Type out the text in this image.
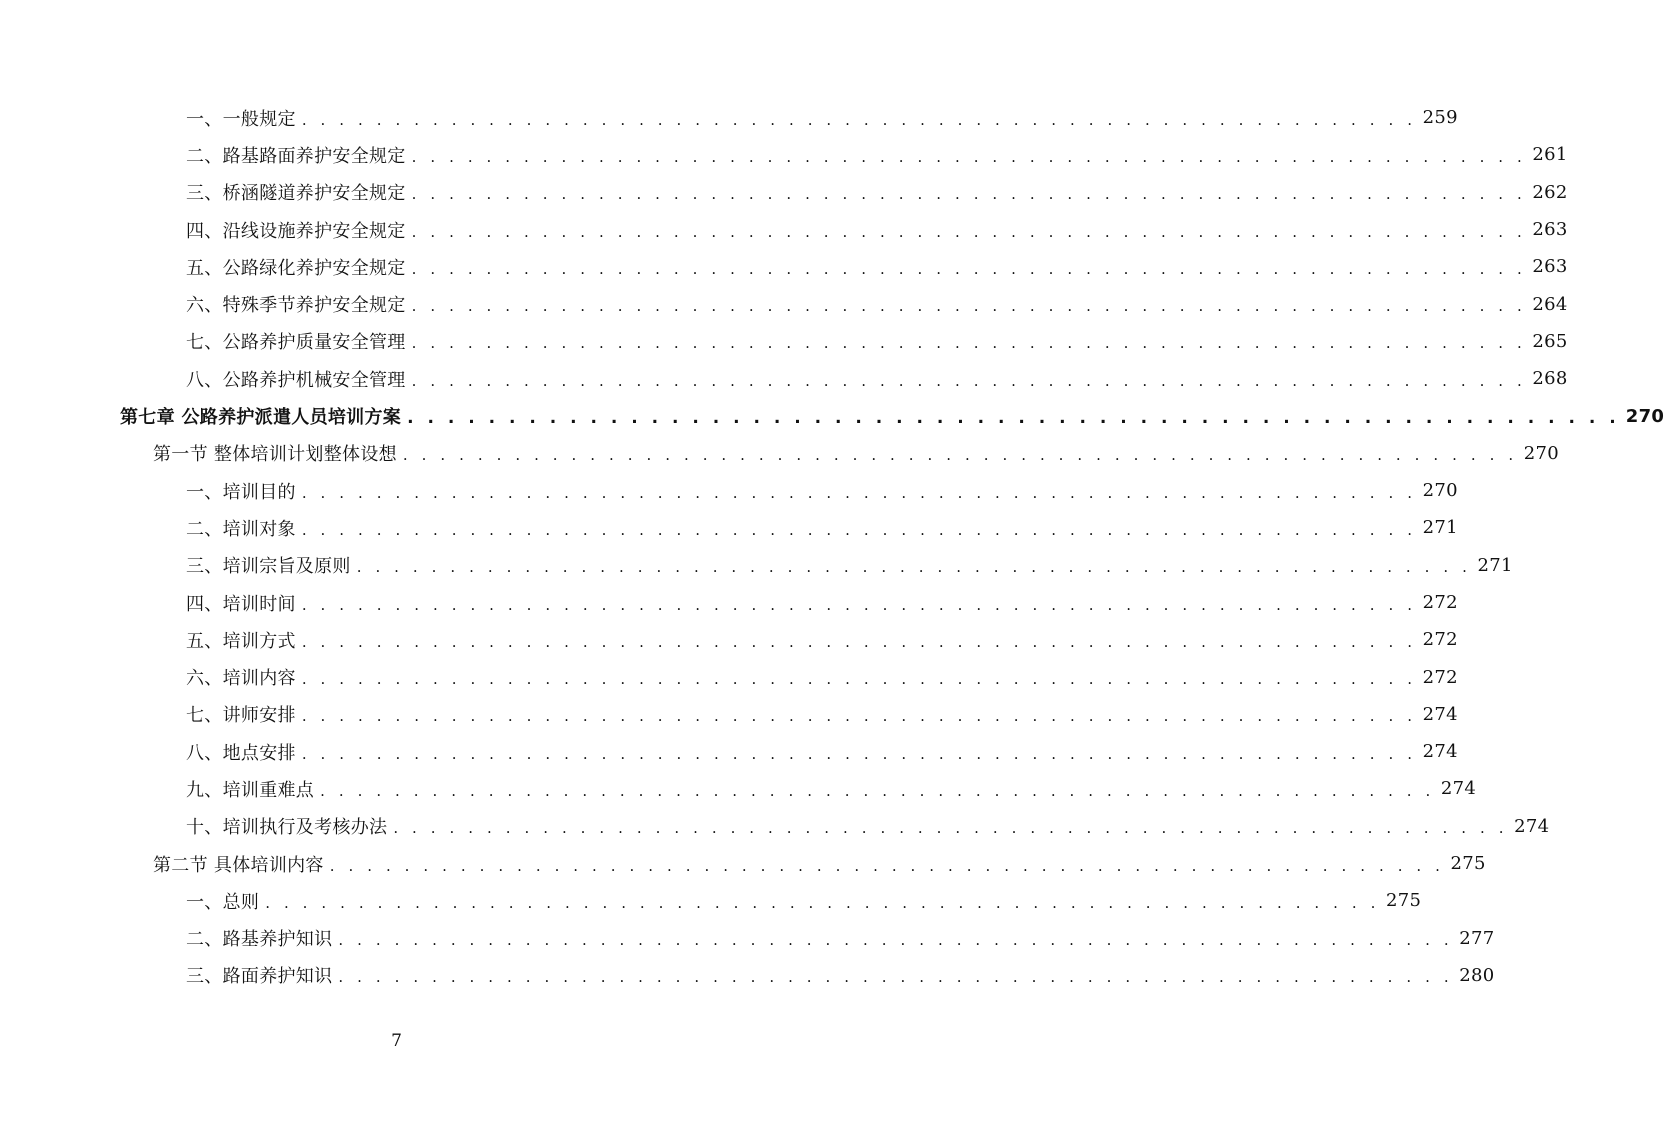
一、一般规定 . . . . . . . . . . . . . . . . . . . . . . . . . . . . . . . . . . . . . . . . . . . . . . . . . . . . . . . . . . . . 259
二、路基路面养护安全规定 . . . . . . . . . . . . . . . . . . . . . . . . . . . . . . . . . . . . . . . . . . . . . . . . . . . . . . . . . . . . 261
三、桥涵隧道养护安全规定 . . . . . . . . . . . . . . . . . . . . . . . . . . . . . . . . . . . . . . . . . . . . . . . . . . . . . . . . . . . . 262
四、沿线设施养护安全规定 . . . . . . . . . . . . . . . . . . . . . . . . . . . . . . . . . . . . . . . . . . . . . . . . . . . . . . . . . . . . 263
五、公路绿化养护安全规定 . . . . . . . . . . . . . . . . . . . . . . . . . . . . . . . . . . . . . . . . . . . . . . . . . . . . . . . . . . . . 263
六、特殊季节养护安全规定 . . . . . . . . . . . . . . . . . . . . . . . . . . . . . . . . . . . . . . . . . . . . . . . . . . . . . . . . . . . . 264
七、公路养护质量安全管理 . . . . . . . . . . . . . . . . . . . . . . . . . . . . . . . . . . . . . . . . . . . . . . . . . . . . . . . . . . . . 265
八、公路养护机械安全管理 . . . . . . . . . . . . . . . . . . . . . . . . . . . . . . . . . . . . . . . . . . . . . . . . . . . . . . . . . . . . 268
第七章 公路养护派遣人员培训方案 . . . . . . . . . . . . . . . . . . . . . . . . . . . . . . . . . . . . . . . . . . . . . . . . . . . . . . . . . . . . 270
第一节 整体培训计划整体设想 . . . . . . . . . . . . . . . . . . . . . . . . . . . . . . . . . . . . . . . . . . . . . . . . . . . . . . . . . . . . 270
一、培训目的 . . . . . . . . . . . . . . . . . . . . . . . . . . . . . . . . . . . . . . . . . . . . . . . . . . . . . . . . . . . . 270
二、培训对象 . . . . . . . . . . . . . . . . . . . . . . . . . . . . . . . . . . . . . . . . . . . . . . . . . . . . . . . . . . . . 271
三、培训宗旨及原则 . . . . . . . . . . . . . . . . . . . . . . . . . . . . . . . . . . . . . . . . . . . . . . . . . . . . . . . . . . . . 271
四、培训时间 . . . . . . . . . . . . . . . . . . . . . . . . . . . . . . . . . . . . . . . . . . . . . . . . . . . . . . . . . . . . 272
五、培训方式 . . . . . . . . . . . . . . . . . . . . . . . . . . . . . . . . . . . . . . . . . . . . . . . . . . . . . . . . . . . . 272
六、培训内容 . . . . . . . . . . . . . . . . . . . . . . . . . . . . . . . . . . . . . . . . . . . . . . . . . . . . . . . . . . . . 272
七、讲师安排 . . . . . . . . . . . . . . . . . . . . . . . . . . . . . . . . . . . . . . . . . . . . . . . . . . . . . . . . . . . . 274
八、地点安排 . . . . . . . . . . . . . . . . . . . . . . . . . . . . . . . . . . . . . . . . . . . . . . . . . . . . . . . . . . . . 274
九、培训重难点 . . . . . . . . . . . . . . . . . . . . . . . . . . . . . . . . . . . . . . . . . . . . . . . . . . . . . . . . . . . . 274
十、培训执行及考核办法 . . . . . . . . . . . . . . . . . . . . . . . . . . . . . . . . . . . . . . . . . . . . . . . . . . . . . . . . . . . . 274
第二节 具体培训内容 . . . . . . . . . . . . . . . . . . . . . . . . . . . . . . . . . . . . . . . . . . . . . . . . . . . . . . . . . . . . 275
一、总则 . . . . . . . . . . . . . . . . . . . . . . . . . . . . . . . . . . . . . . . . . . . . . . . . . . . . . . . . . . . . 275
二、路基养护知识 . . . . . . . . . . . . . . . . . . . . . . . . . . . . . . . . . . . . . . . . . . . . . . . . . . . . . . . . . . . . 277
三、路面养护知识 . . . . . . . . . . . . . . . . . . . . . . . . . . . . . . . . . . . . . . . . . . . . . . . . . . . . . . . . . . . . 280
7
